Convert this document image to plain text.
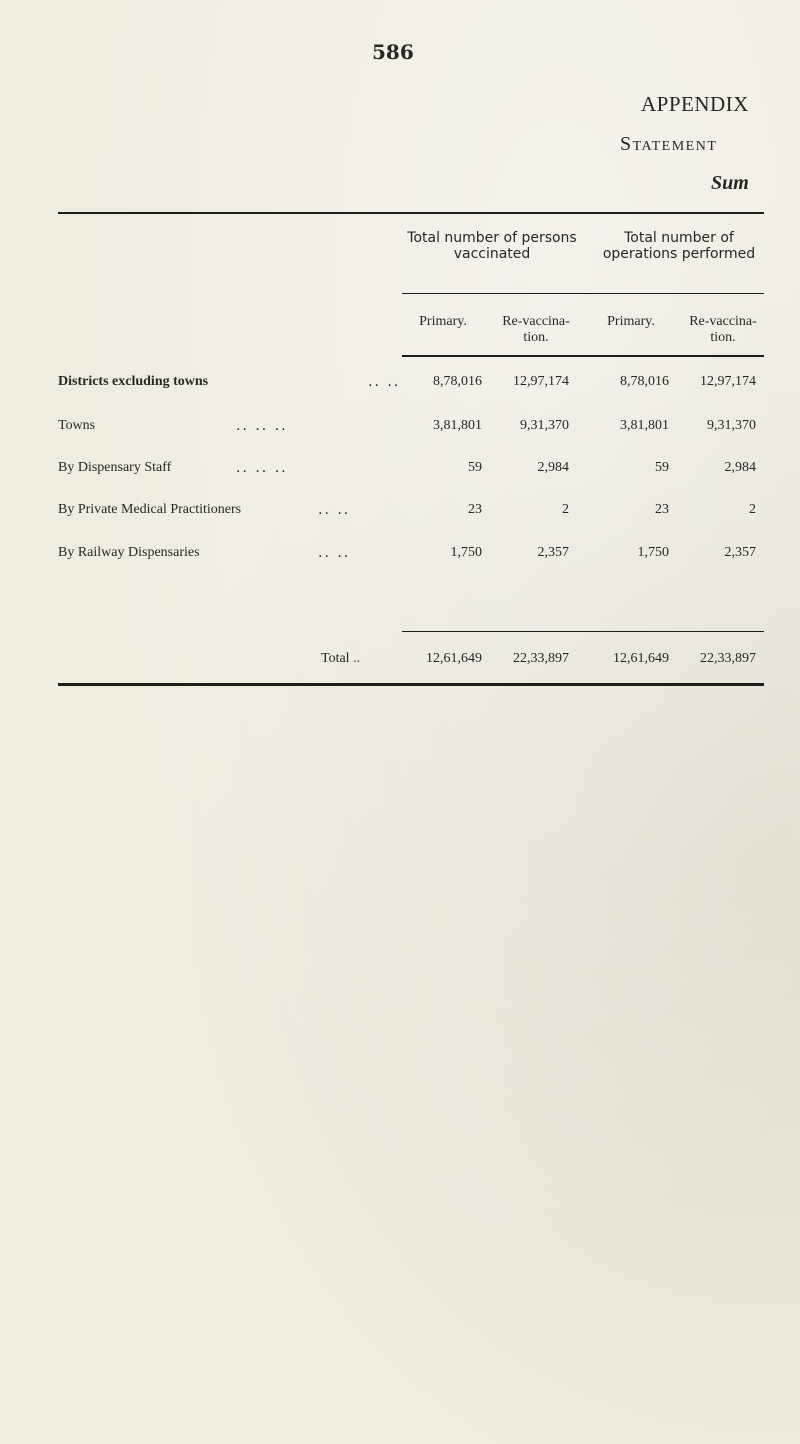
586
APPENDIX
Statement
Sum
Total number of persons vaccinated
Total number of operations performed
Primary.	Re-vaccina-tion.
Primary.	Re-vaccina-tion.
Districts excluding towns	.. .. 8,78,016 12,97,174	8,78,016 12,97,174
Towns	.. .. ..	3,81,801	9,31,370	3,81,801	9,31,370
By Dispensary Staff	.. .. ..	59	2,984	59	2,984
By Private Medical Practitioners	.. ..	23	2	23	2
By Railway Dispensaries	.. ..	1,750	2,357	1,750	2,357
Total ..	12,61,649 22,33,897	12,61,649 22,33,897
